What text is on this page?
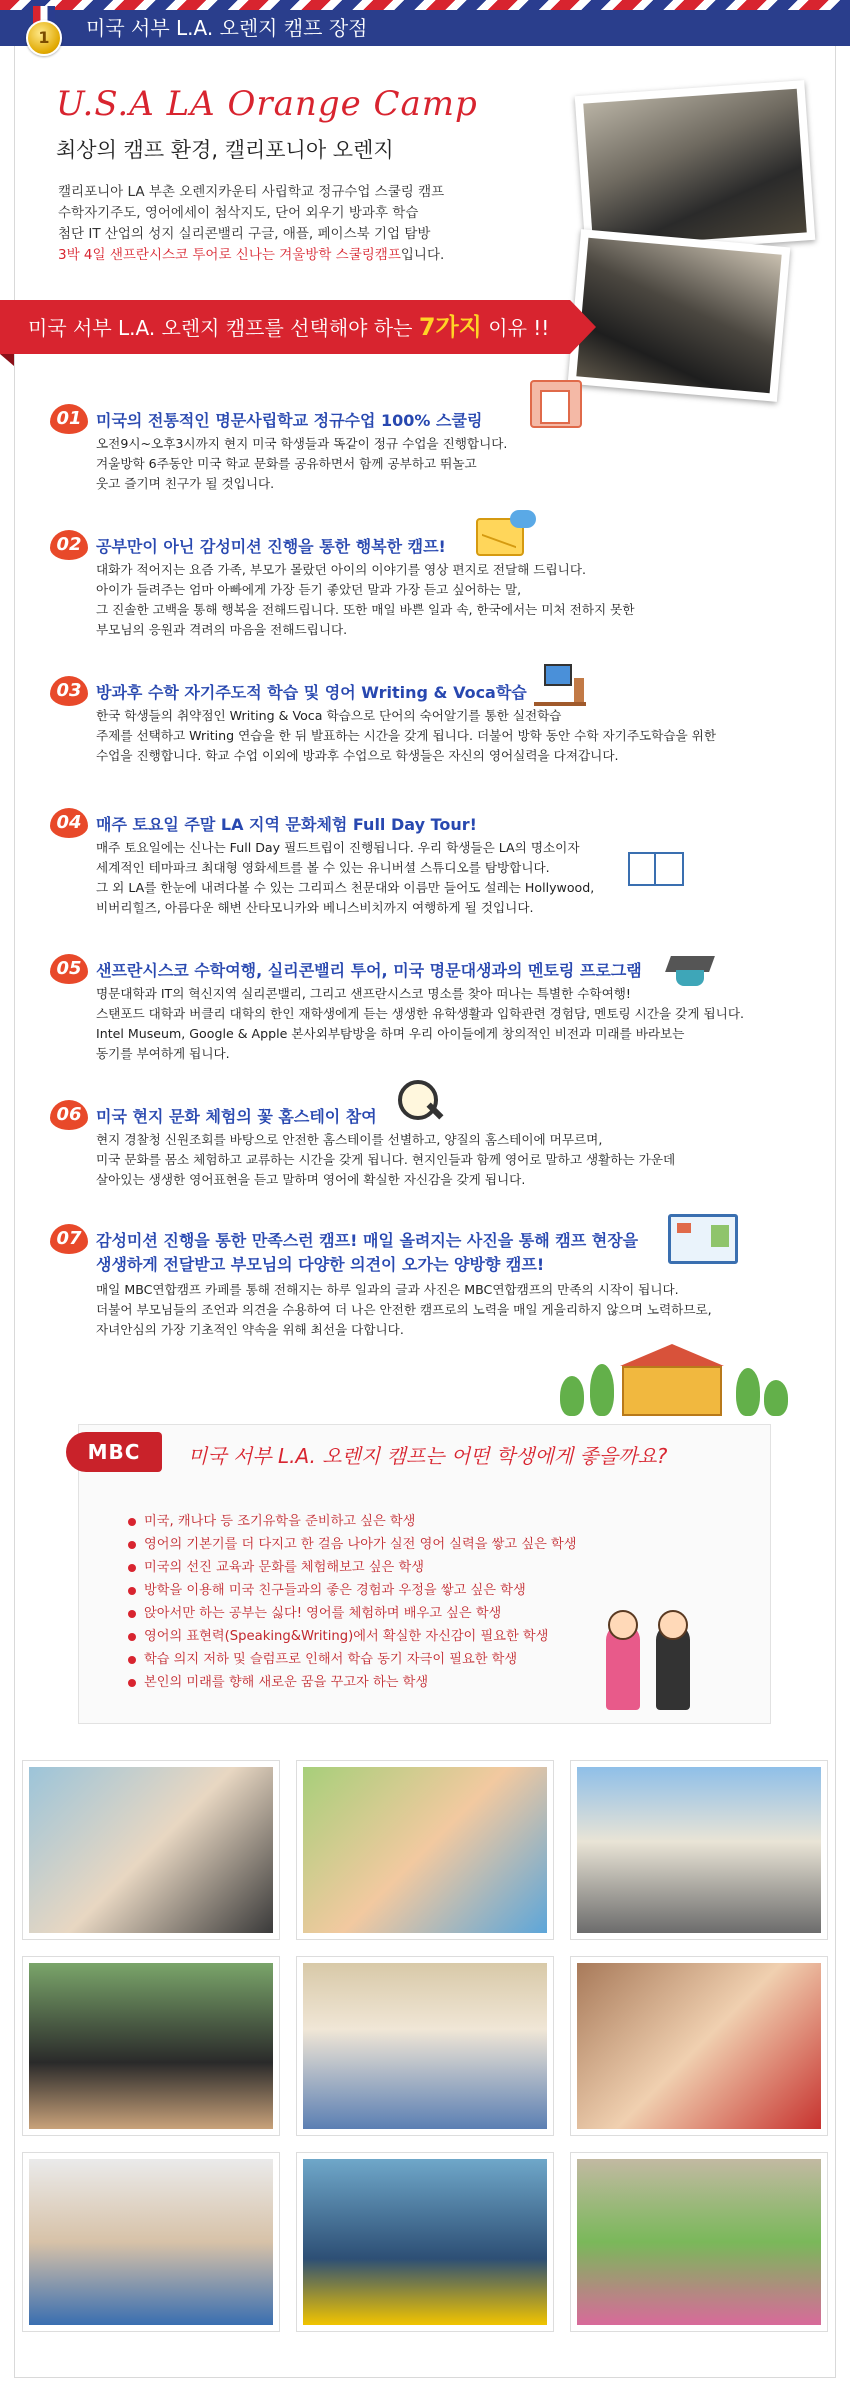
미국 서부 L.A. 오렌지 캠프 장점
1
U.S.A LA Orange Camp
최상의 캠프 환경, 캘리포니아 오렌지
캘리포니아 LA 부촌 오렌지카운티 사립학교 정규수업 스쿨링 캠프
수학자기주도, 영어에세이 첨삭지도, 단어 외우기 방과후 학습
첨단 IT 산업의 성지 실리콘밸리 구글, 애플, 페이스북 기업 탐방
3박 4일 샌프란시스코 투어로 신나는 겨울방학 스쿨링캠프입니다.
미국 서부 L.A. 오렌지 캠프를 선택해야 하는 7가지 이유 !!
01 미국의 전통적인 명문사립학교 정규수업 100% 스쿨링
오전9시~오후3시까지 현지 미국 학생들과 똑같이 정규 수업을 진행합니다.
겨울방학 6주동안 미국 학교 문화를 공유하면서 함께 공부하고 뛰놀고
웃고 즐기며 친구가 될 것입니다.
02 공부만이 아닌 감성미션 진행을 통한 행복한 캠프!
대화가 적어지는 요즘 가족, 부모가 몰랐던 아이의 이야기를 영상 편지로 전달해 드립니다.
아이가 들려주는 엄마 아빠에게 가장 듣기 좋았던 말과 가장 듣고 싶어하는 말,
그 진솔한 고백을 통해 행복을 전해드립니다. 또한 매일 바쁜 일과 속, 한국에서는 미처 전하지 못한
부모님의 응원과 격려의 마음을 전해드립니다.
03 방과후 수학 자기주도적 학습 및 영어 Writing & Voca학습
한국 학생들의 취약점인 Writing & Voca 학습으로 단어의 숙어알기를 통한 실전학습
주제를 선택하고 Writing 연습을 한 뒤 발표하는 시간을 갖게 됩니다. 더불어 방학 동안 수학 자기주도학습을 위한
수업을 진행합니다. 학교 수업 이외에 방과후 수업으로 학생들은 자신의 영어실력을 다져갑니다.
04 매주 토요일 주말 LA 지역 문화체험 Full Day Tour!
매주 토요일에는 신나는 Full Day 필드트립이 진행됩니다. 우리 학생들은 LA의 명소이자
세계적인 테마파크 최대형 영화세트를 볼 수 있는 유니버셜 스튜디오를 탐방합니다.
그 외 LA를 한눈에 내려다볼 수 있는 그리피스 천문대와 이름만 들어도 설레는 Hollywood,
비버리힐즈, 아름다운 해변 산타모니카와 베니스비치까지 여행하게 될 것입니다.
05 샌프란시스코 수학여행, 실리콘밸리 투어, 미국 명문대생과의 멘토링 프로그램
명문대학과 IT의 혁신지역 실리콘밸리, 그리고 샌프란시스코 명소를 찾아 떠나는 특별한 수학여행!
스탠포드 대학과 버클리 대학의 한인 재학생에게 듣는 생생한 유학생활과 입학관련 경험담, 멘토링 시간을 갖게 됩니다.
Intel Museum, Google & Apple 본사외부탐방을 하며 우리 아이들에게 창의적인 비전과 미래를 바라보는
동기를 부여하게 됩니다.
06 미국 현지 문화 체험의 꽃 홈스테이 참여
현지 경찰청 신원조회를 바탕으로 안전한 홈스테이를 선별하고, 양질의 홈스테이에 머무르며,
미국 문화를 몸소 체험하고 교류하는 시간을 갖게 됩니다. 현지인들과 함께 영어로 말하고 생활하는 가운데
살아있는 생생한 영어표현을 듣고 말하며 영어에 확실한 자신감을 갖게 됩니다.
07 감성미션 진행을 통한 만족스런 캠프! 매일 올려지는 사진을 통해 캠프 현장을
생생하게 전달받고 부모님의 다양한 의견이 오가는 양방향 캠프!
매일 MBC연합캠프 카페를 통해 전해지는 하루 일과의 글과 사진은 MBC연합캠프의 만족의 시작이 됩니다.
더불어 부모님들의 조언과 의견을 수용하여 더 나은 안전한 캠프로의 노력을 매일 게을리하지 않으며 노력하므로,
자녀안심의 가장 기초적인 약속을 위해 최선을 다합니다.
MBC	미국 서부 L.A. 오렌지 캠프는 어떤 학생에게 좋을까요?
미국, 캐나다 등 조기유학을 준비하고 싶은 학생
영어의 기본기를 더 다지고 한 걸음 나아가 실전 영어 실력을 쌓고 싶은 학생
미국의 선진 교육과 문화를 체험해보고 싶은 학생
방학을 이용해 미국 친구들과의 좋은 경험과 우정을 쌓고 싶은 학생
앉아서만 하는 공부는 싫다! 영어를 체험하며 배우고 싶은 학생
영어의 표현력(Speaking&Writing)에서 확실한 자신감이 필요한 학생
학습 의지 저하 및 슬럼프로 인해서 학습 동기 자극이 필요한 학생
본인의 미래를 향해 새로운 꿈을 꾸고자 하는 학생
